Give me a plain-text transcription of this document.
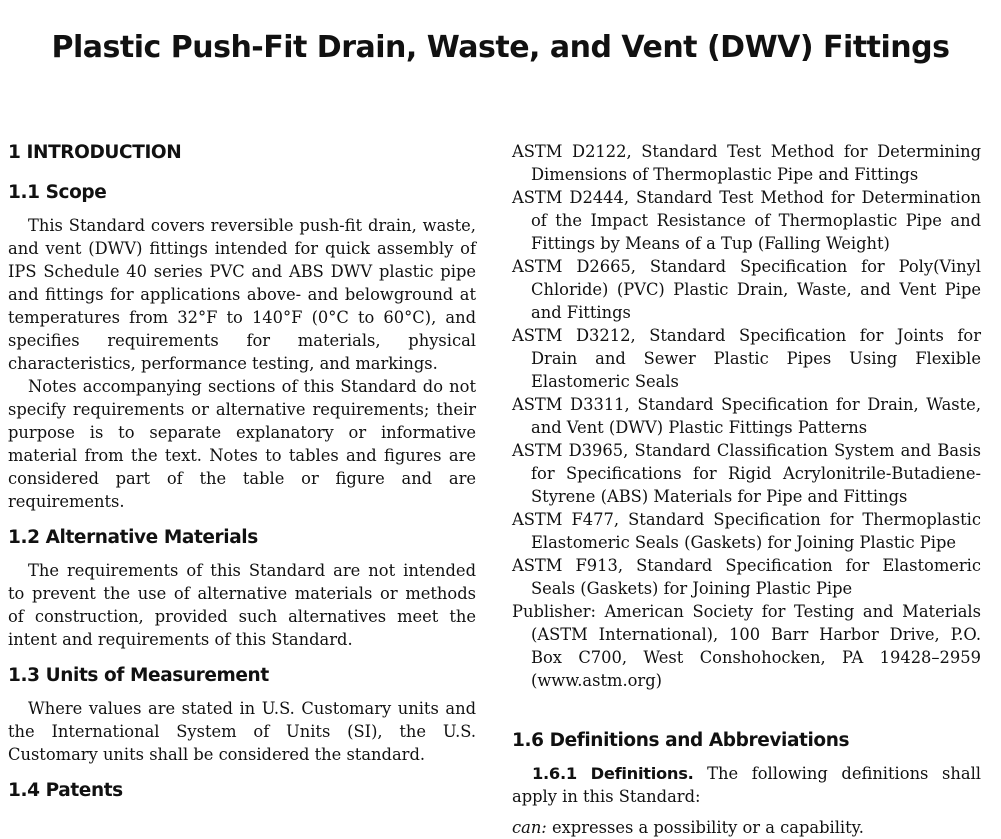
Plastic Push-Fit Drain, Waste, and Vent (DWV) Fittings
1 INTRODUCTION
1.1 Scope

This Standard covers reversible push-fit drain, waste, and vent (DWV) fittings intended for quick assembly of IPS Schedule 40 series PVC and ABS DWV plastic pipe and fittings for applications above- and belowground at temperatures from 32°F to 140°F (0°C to 60°C), and specifies requirements for materials, physical characteristics, performance testing, and markings.

Notes accompanying sections of this Standard do not specify requirements or alternative requirements; their purpose is to separate explanatory or informative material from the text. Notes to tables and figures are considered part of the table or figure and are requirements.

1.2 Alternative Materials

The requirements of this Standard are not intended to prevent the use of alternative materials or methods of construction, provided such alternatives meet the intent and requirements of this Standard.

1.3 Units of Measurement

Where values are stated in U.S. Customary units and the International System of Units (SI), the U.S. Customary units shall be considered the standard.

1.4 Patents

ASTM D2122, Standard Test Method for Determining Dimensions of Thermoplastic Pipe and Fittings

ASTM D2444, Standard Test Method for Determination of the Impact Resistance of Thermoplastic Pipe and Fittings by Means of a Tup (Falling Weight)

ASTM D2665, Standard Specification for Poly(Vinyl Chloride) (PVC) Plastic Drain, Waste, and Vent Pipe and Fittings

ASTM D3212, Standard Specification for Joints for Drain and Sewer Plastic Pipes Using Flexible Elastomeric Seals

ASTM D3311, Standard Specification for Drain, Waste, and Vent (DWV) Plastic Fittings Patterns

ASTM D3965, Standard Classification System and Basis for Specifications for Rigid Acrylonitrile-Butadiene-Styrene (ABS) Materials for Pipe and Fittings

ASTM F477, Standard Specification for Thermoplastic Elastomeric Seals (Gaskets) for Joining Plastic Pipe

ASTM F913, Standard Specification for Elastomeric Seals (Gaskets) for Joining Plastic Pipe

Publisher: American Society for Testing and Materials (ASTM International), 100 Barr Harbor Drive, P.O. Box C700, West Conshohocken, PA 19428–2959 (www.astm.org)

1.6 Definitions and Abbreviations

1.6.1 Definitions. The following definitions shall apply in this Standard:

can: expresses a possibility or a capability.
